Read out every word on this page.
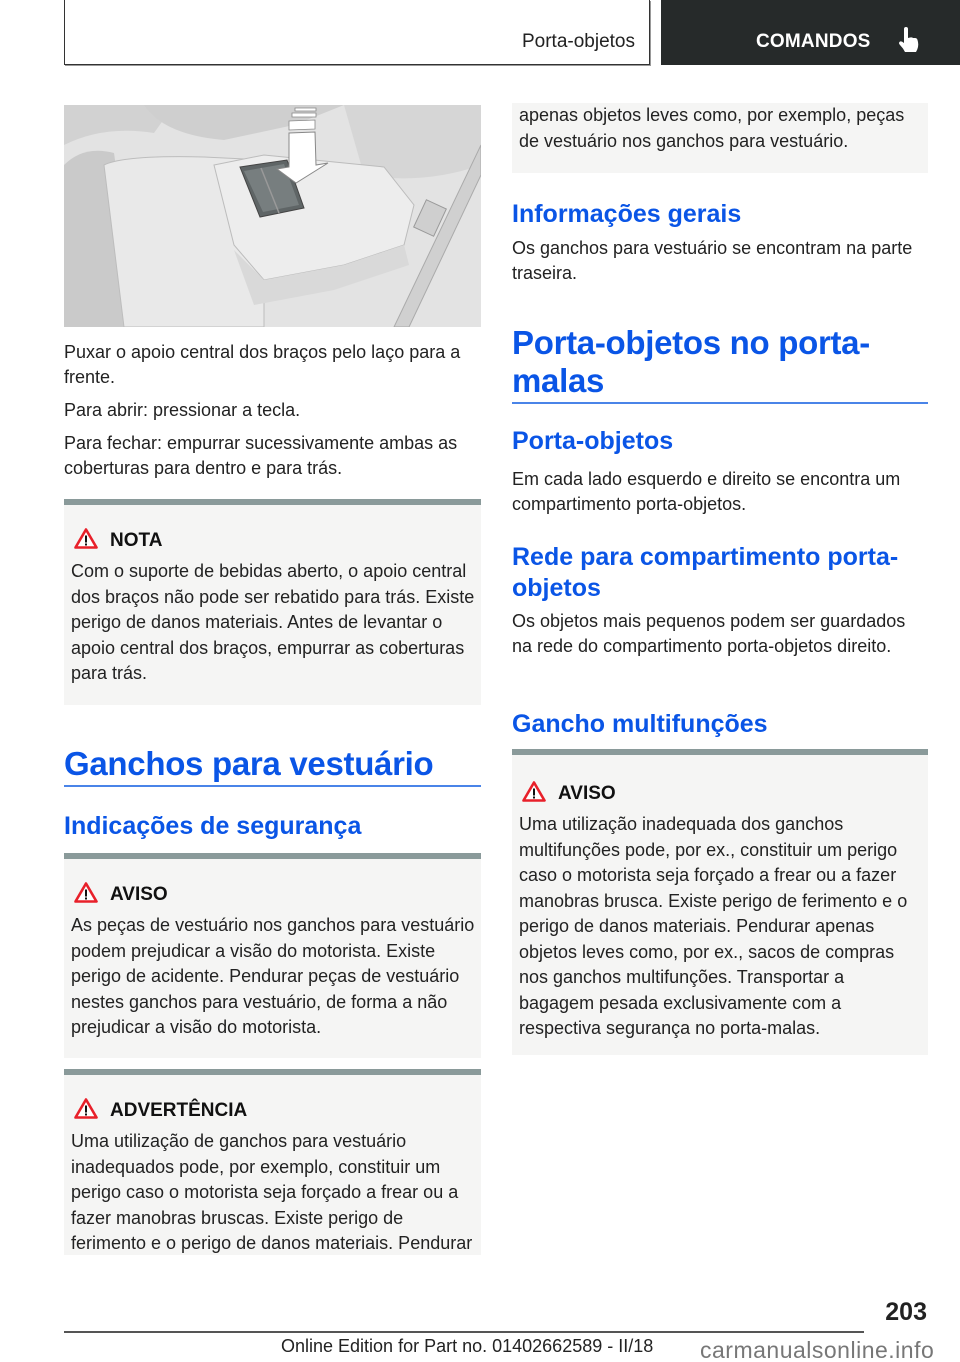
Porta-objetos	COMANDOS

Puxar o apoio central dos braços pelo laço para a frente.

Para abrir: pressionar a tecla.

Para fechar: empurrar sucessivamente ambas as coberturas para dentro e para trás.

NOTA
Com o suporte de bebidas aberto, o apoio central dos braços não pode ser rebatido para trás. Existe perigo de danos materiais. Antes de levantar o apoio central dos braços, empurrar as coberturas para trás.
Ganchos para vestuário
Indicações de segurança
AVISO
As peças de vestuário nos ganchos para vestuário podem prejudicar a visão do motorista. Existe perigo de acidente. Pendurar peças de vestuário nestes ganchos para vestuário, de forma a não prejudicar a visão do motorista.
ADVERTÊNCIA
Uma utilização de ganchos para vestuário inadequados pode, por exemplo, constituir um perigo caso o motorista seja forçado a frear ou a fazer manobras bruscas. Existe perigo de ferimento e o perigo de danos materiais. Pendurar
apenas objetos leves como, por exemplo, peças de vestuário nos ganchos para vestuário.
Informações gerais

Os ganchos para vestuário se encontram na parte traseira.

Porta-objetos no porta-
malas
Porta-objetos

Em cada lado esquerdo e direito se encontra um compartimento porta-objetos.

Rede para compartimento porta-
objetos

Os objetos mais pequenos podem ser guardados na rede do compartimento porta-objetos direito.

Gancho multifunções
AVISO
Uma utilização inadequada dos ganchos multifunções pode, por ex., constituir um perigo caso o motorista seja forçado a frear ou a fazer manobras brusca. Existe perigo de ferimento e o perigo de danos materiais. Pendurar apenas objetos leves como, por ex., sacos de compras nos ganchos multifunções. Transportar a bagagem pesada exclusivamente com a respectiva segurança no porta-malas.
203
Online Edition for Part no. 01402662589 - II/18 carmanualsonline.info
